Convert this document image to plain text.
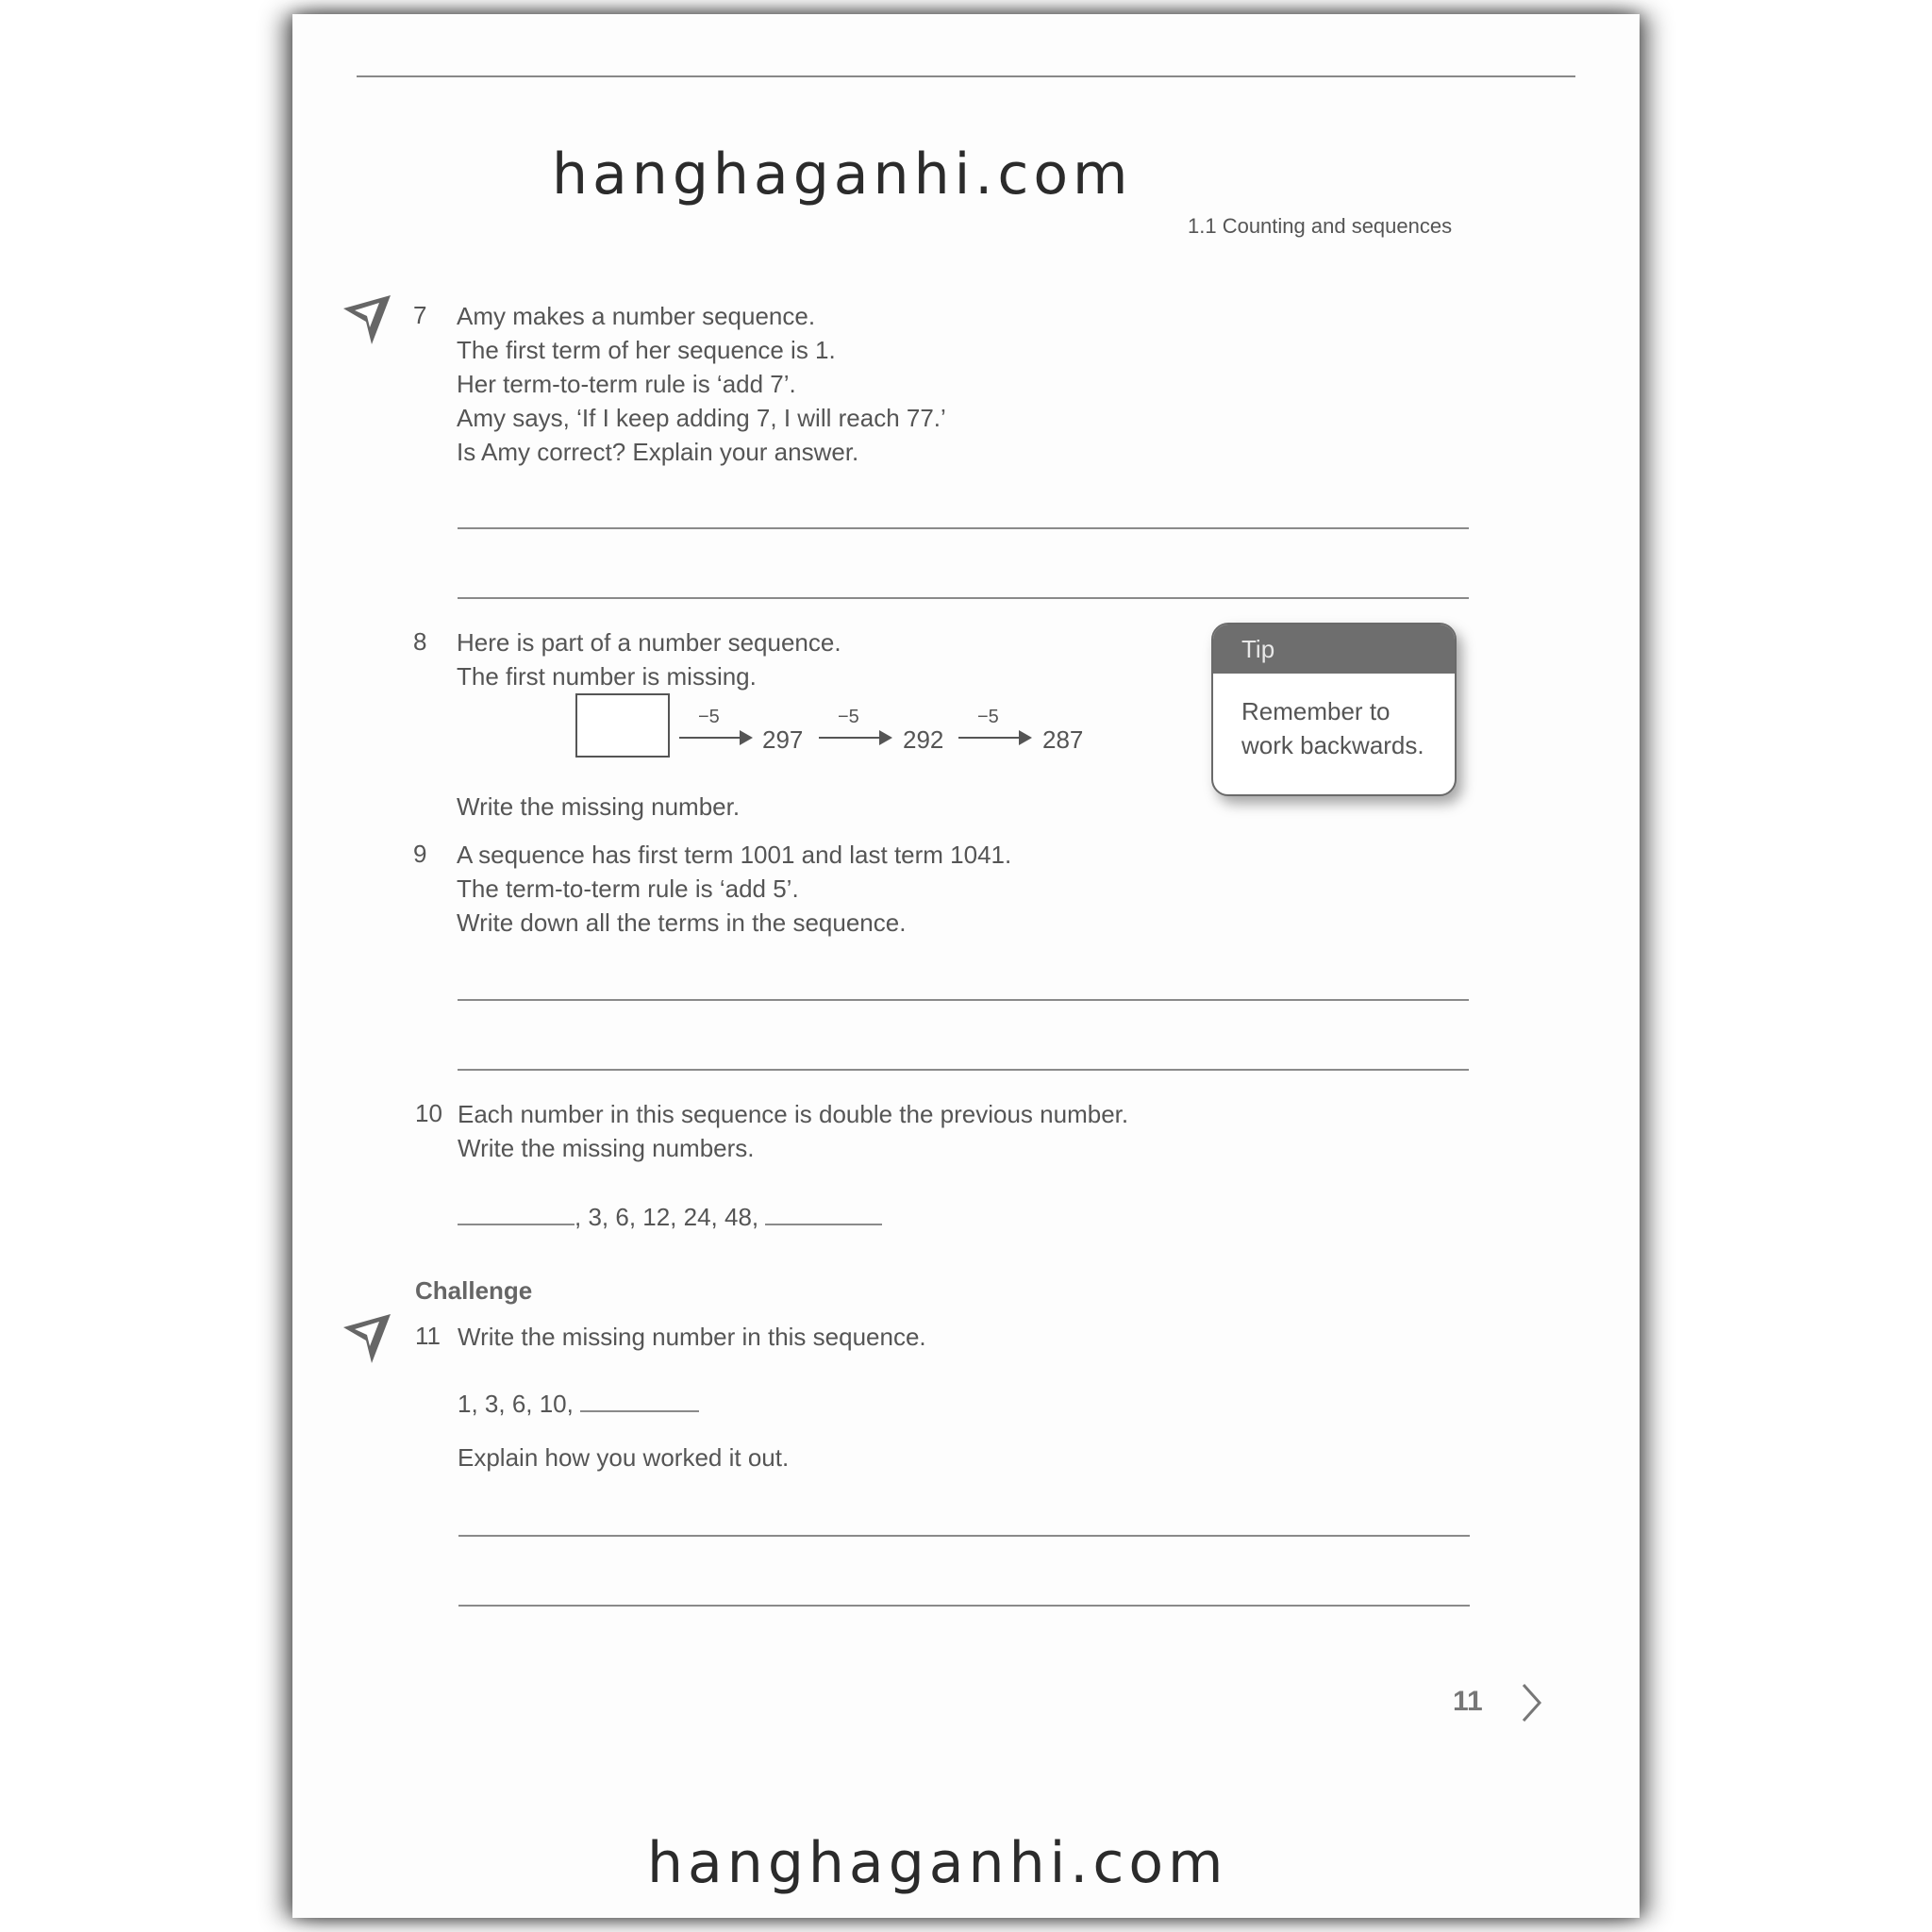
hanghaganhi.com
1.1 Counting and sequences
7 Amy makes a number sequence.
The first term of her sequence is 1.
Her term-to-term rule is ‘add 7’.
Amy says, ‘If I keep adding 7, I will reach 77.’
Is Amy correct? Explain your answer.
8 Here is part of a number sequence.
The first number is missing.
−5
297
−5
292
−5
287
Write the missing number.
Tip
Remember to
work backwards.
9 A sequence has first term 1001 and last term 1041.
The term-to-term rule is ‘add 5’.
Write down all the terms in the sequence.
10 Each number in this sequence is double the previous number.
Write the missing numbers.
, 3, 6, 12, 24, 48,
Challenge
11 Write the missing number in this sequence.
1, 3, 6, 10,
Explain how you worked it out.
11
hanghaganhi.com
